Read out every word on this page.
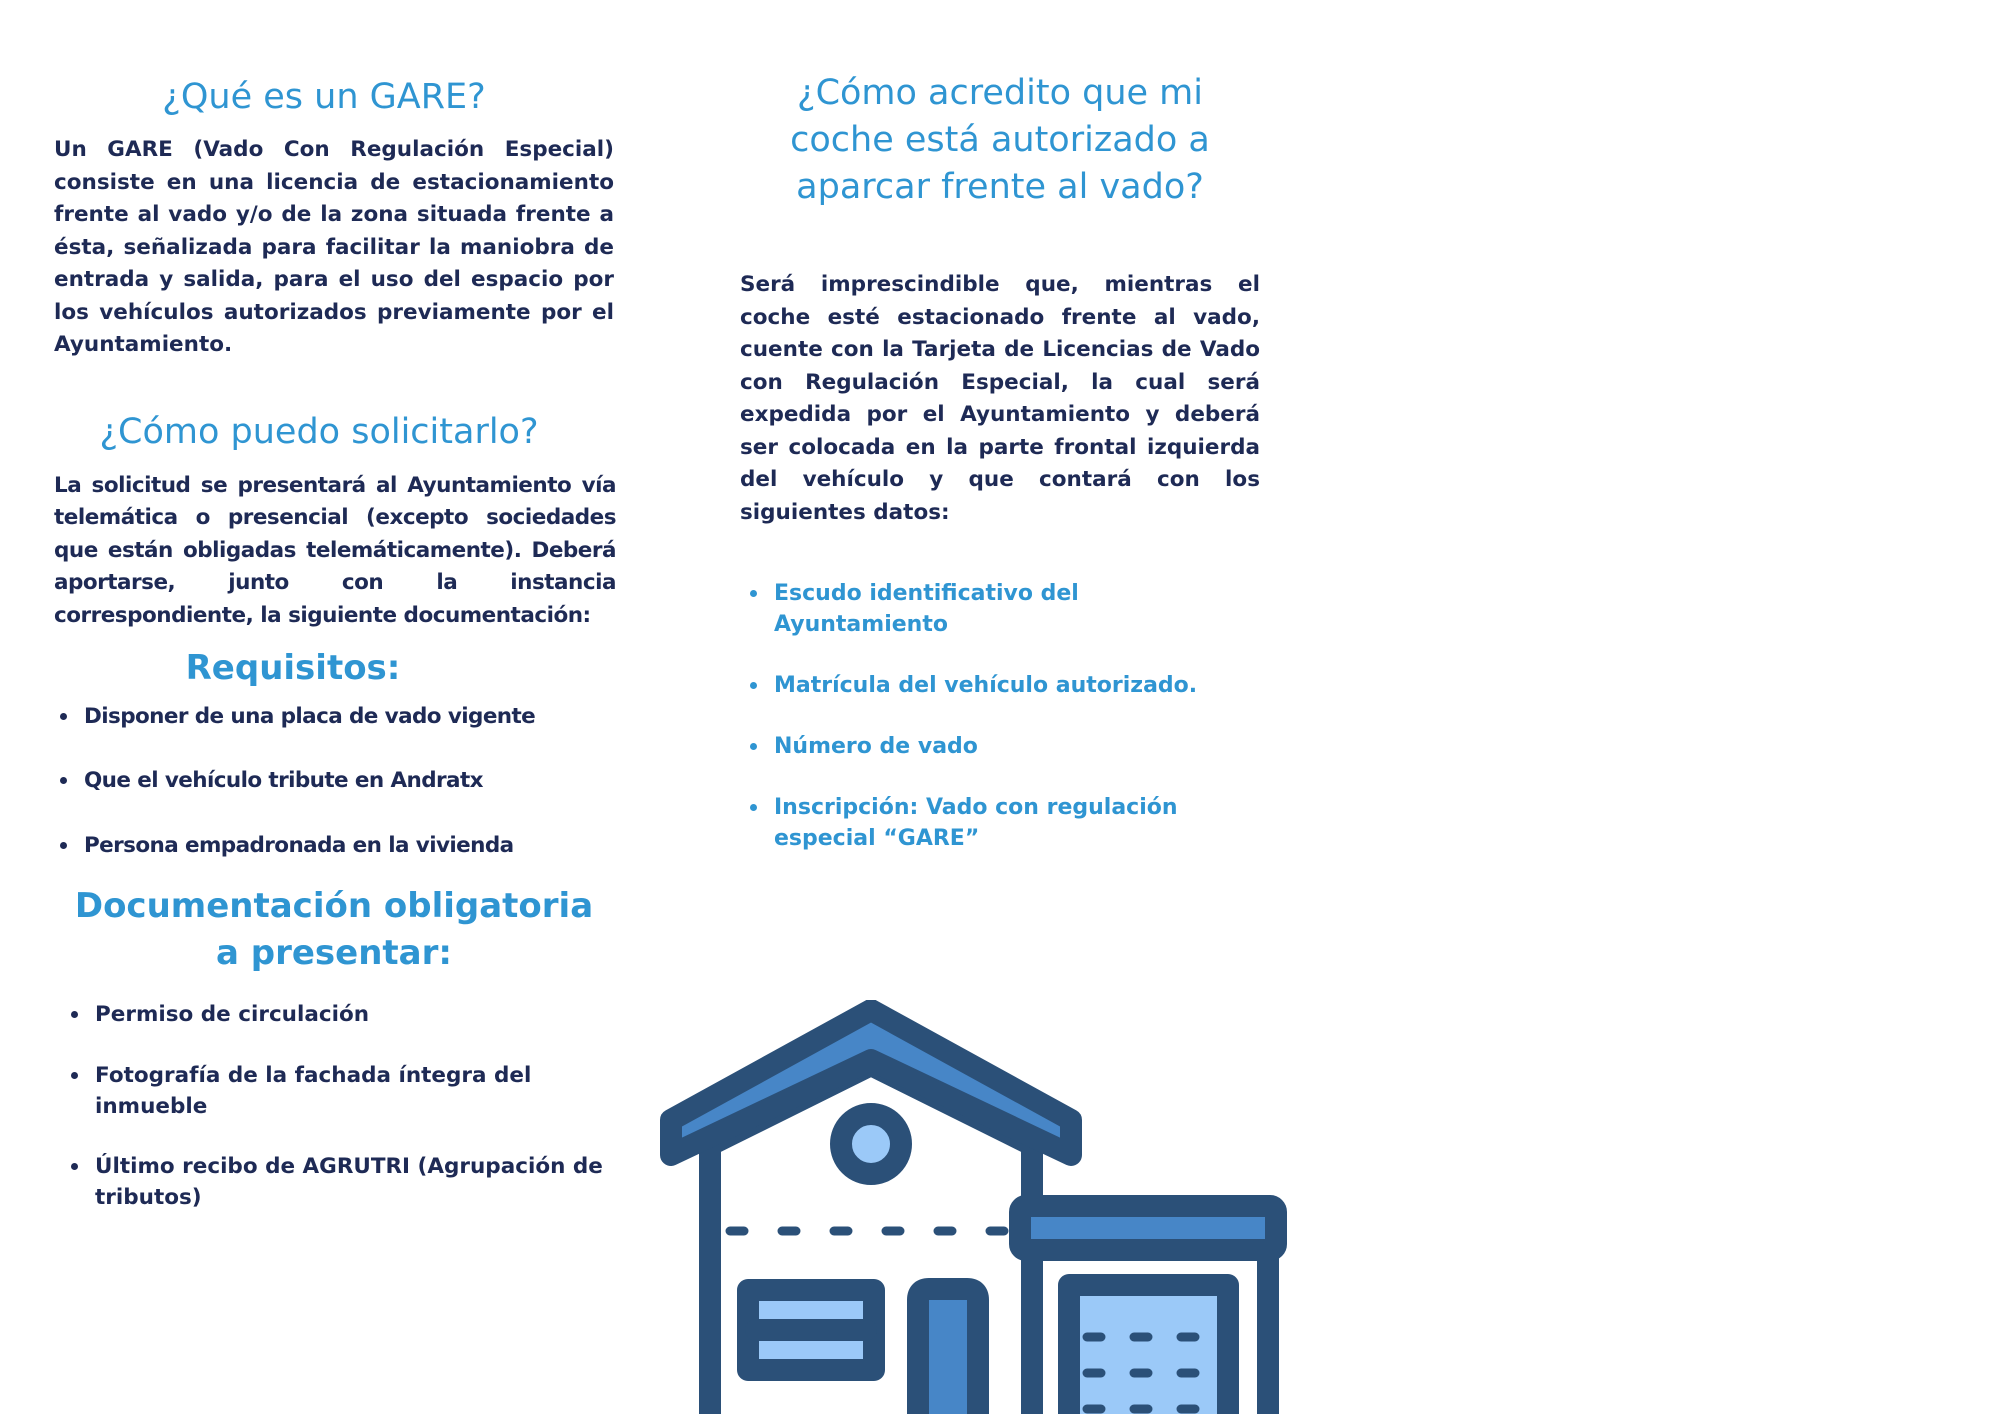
¿Qué es un GARE?

Un GARE (Vado Con Regulación Especial) consiste en una licencia de estacionamiento frente al vado y/o de la zona situada frente a ésta, señalizada para facilitar la maniobra de entrada y salida, para el uso del espacio por los vehículos autorizados previamente por el Ayuntamiento.

¿Cómo puedo solicitarlo?

La solicitud se presentará al Ayuntamiento vía telemática o presencial (excepto sociedades que están obligadas telemáticamente). Deberá aportarse, junto con la instancia correspondiente, la siguiente documentación:

Requisitos:
Disponer de una placa de vado vigente
Que el vehículo tribute en Andratx
Persona empadronada en la vivienda
Documentación obligatoria a presentar:
Permiso de circulación
Fotografía de la fachada íntegra del inmueble
Último recibo de AGRUTRI (Agrupación de tributos)
¿Cómo acredito que mi coche está autorizado a aparcar frente al vado?

Será imprescindible que, mientras el coche esté estacionado frente al vado, cuente con la Tarjeta de Licencias de Vado con Regulación Especial, la cual será expedida por el Ayuntamiento y deberá ser colocada en la parte frontal izquierda del vehículo y que contará con los siguientes datos:

Escudo identificativo del Ayuntamiento
Matrícula del vehículo autorizado.
Número de vado
Inscripción: Vado con regulación especial “GARE”
